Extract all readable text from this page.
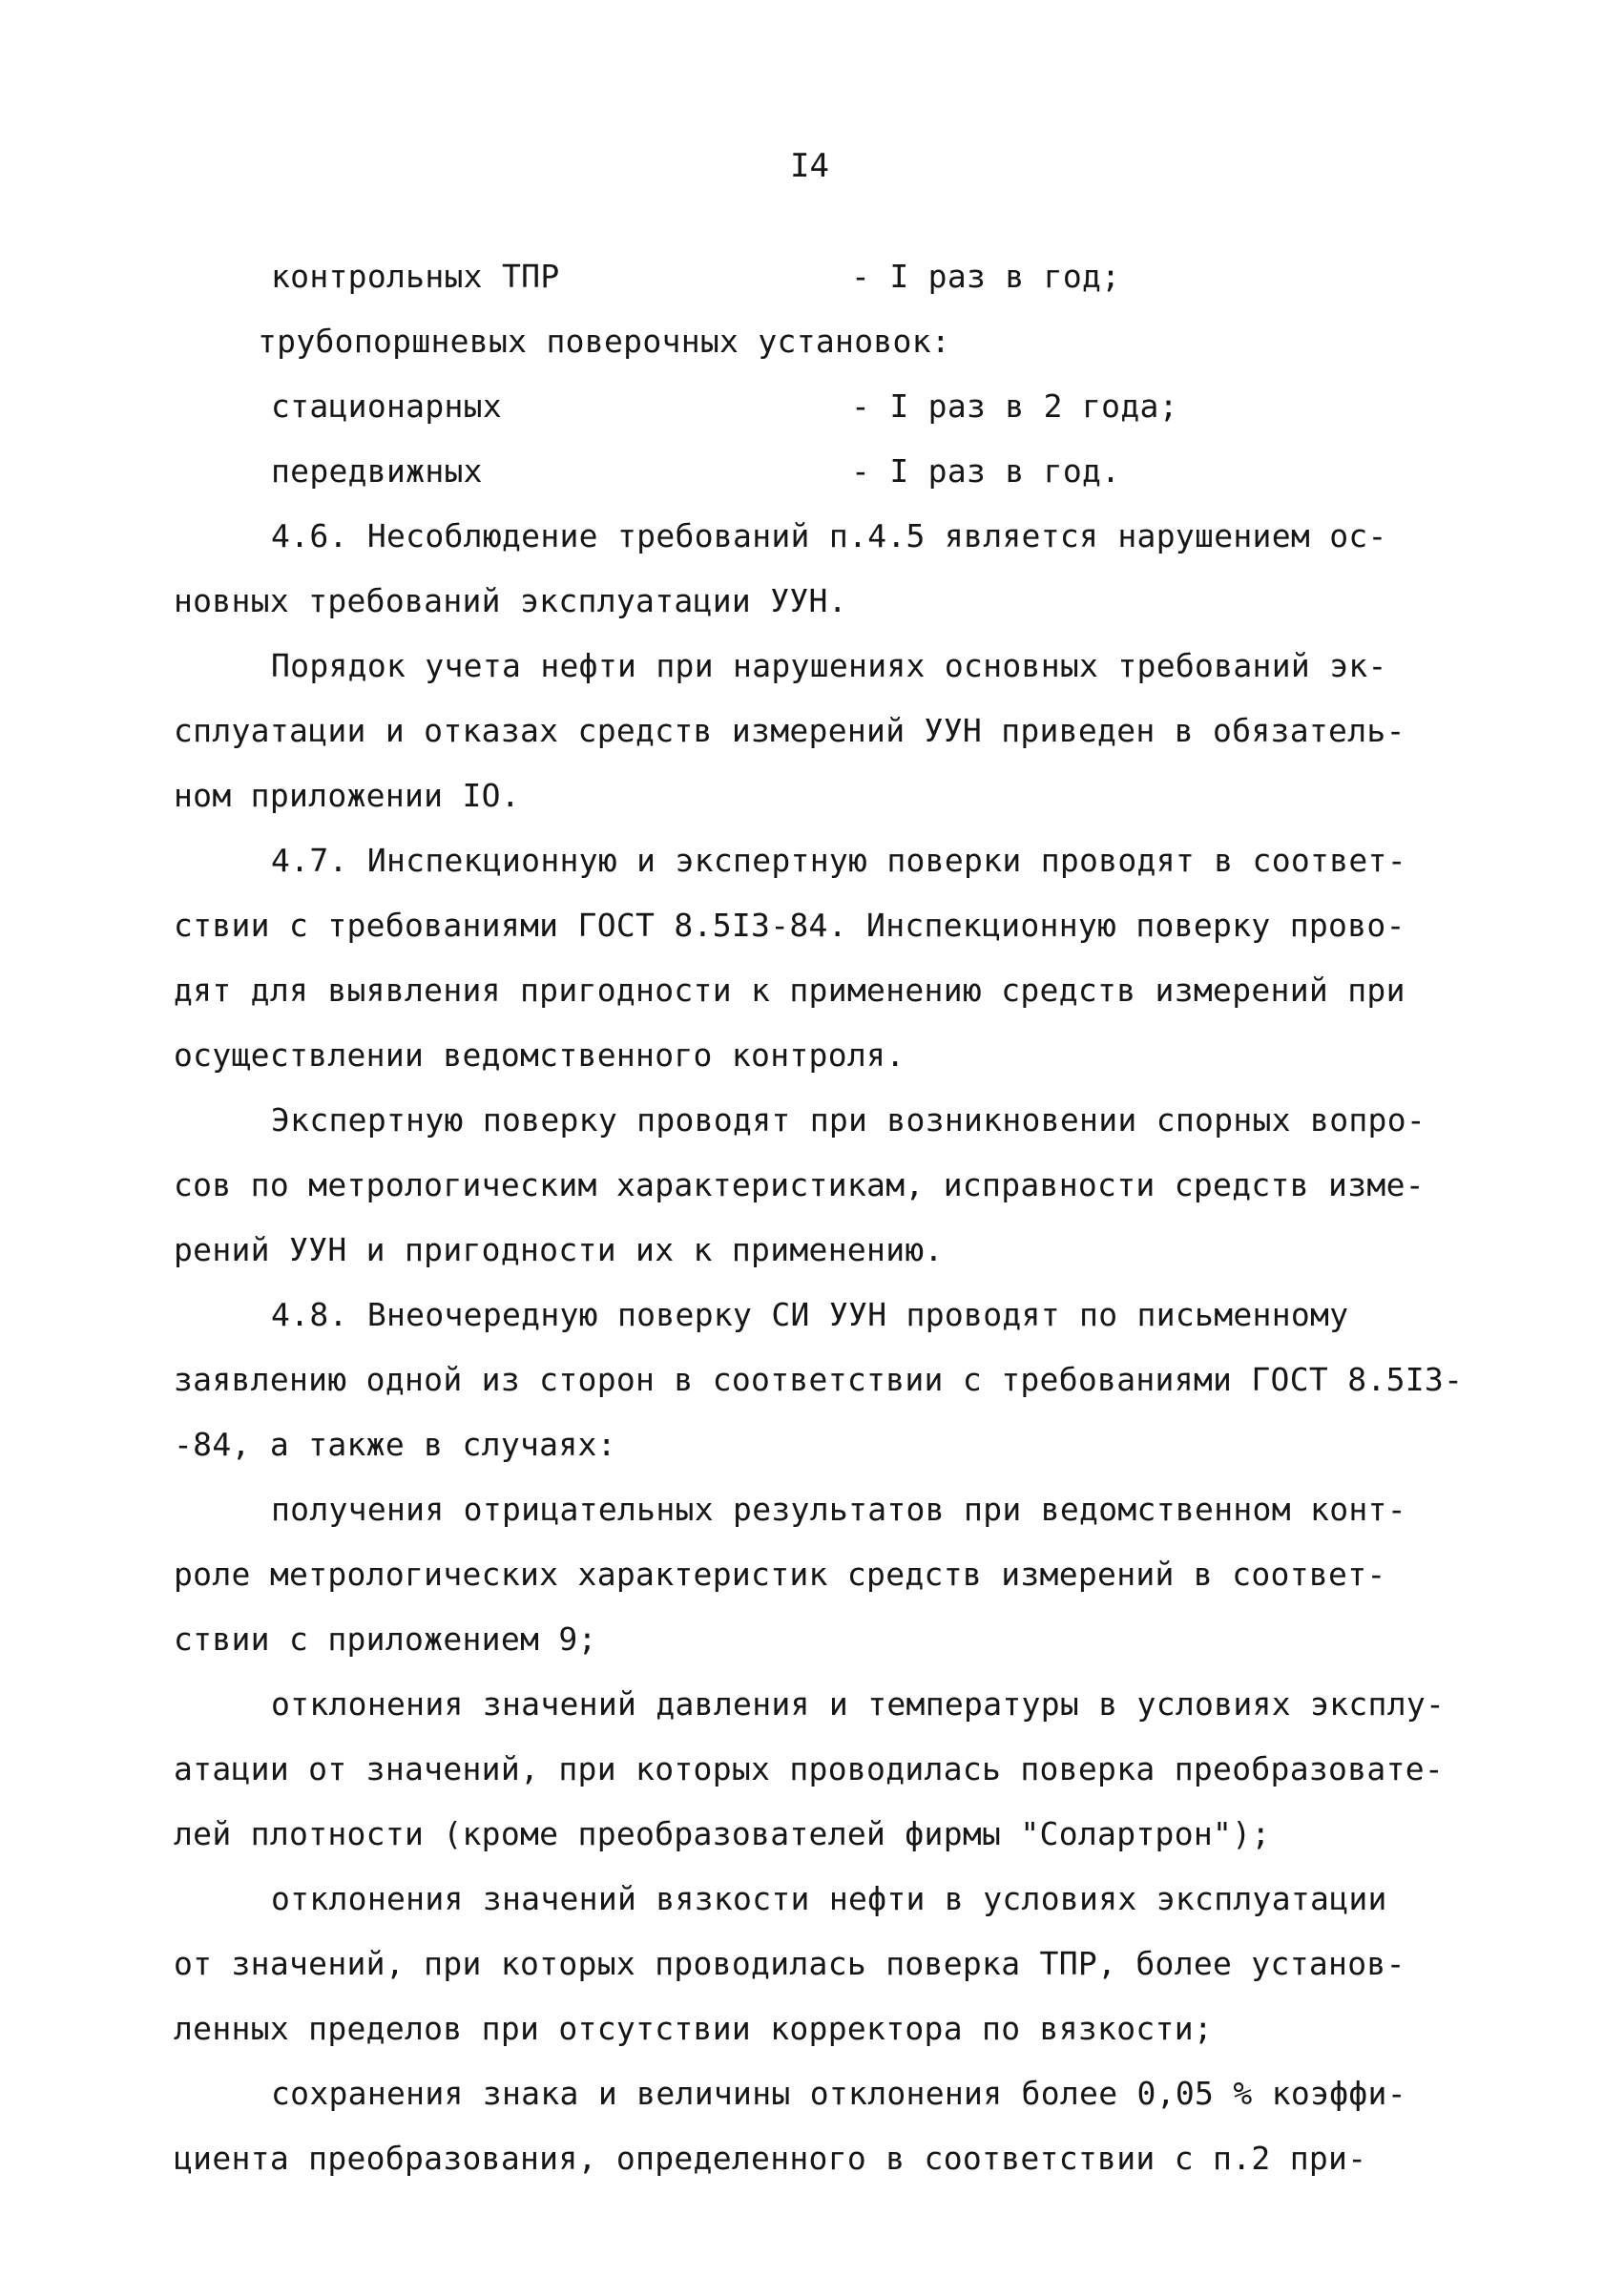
I4
контрольных ТПР	- I раз в год;
трубопоршневых поверочных установок:
стационарных	- I раз в 2 года;
передвижных	- I раз в год.
4.6. Несоблюдение требований п.4.5 является нарушением ос-
новных требований эксплуатации УУН.
Порядок учета нефти при нарушениях основных требований эк-
сплуатации и отказах средств измерений УУН приведен в обязатель-
ном приложении IO.
4.7. Инспекционную и экспертную поверки проводят в соответ-
ствии с требованиями ГОСТ 8.5I3-84. Инспекционную поверку прово-
дят для выявления пригодности к применению средств измерений при
осуществлении ведомственного контроля.
Экспертную поверку проводят при возникновении спорных вопро-
сов по метрологическим характеристикам, исправности средств изме-
рений УУН и пригодности их к применению.
4.8. Внеочередную поверку СИ УУН проводят по письменному
заявлению одной из сторон в соответствии с требованиями ГОСТ 8.5I3-
-84, а также в случаях:
получения отрицательных результатов при ведомственном конт-
роле метрологических характеристик средств измерений в соответ-
ствии с приложением 9;
отклонения значений давления и температуры в условиях эксплу-
атации от значений, при которых проводилась поверка преобразовате-
лей плотности (кроме преобразователей фирмы "Солартрон");
отклонения значений вязкости нефти в условиях эксплуатации
от значений, при которых проводилась поверка ТПР, более установ-
ленных пределов при отсутствии корректора по вязкости;
сохранения знака и величины отклонения более 0,05 % коэффи-
циента преобразования, определенного в соответствии с п.2 при-
